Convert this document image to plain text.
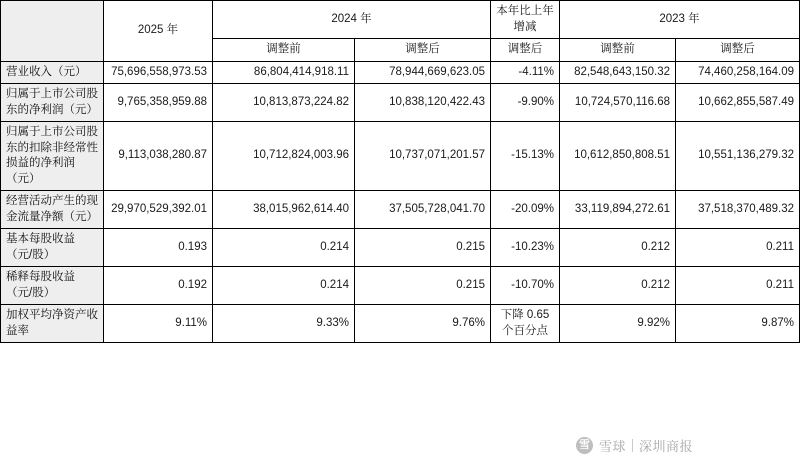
	2025 年	2024 年		本年比上年增减	2023 年	
		调整前	调整后	调整后	调整前	调整后
营业收入（元）	75,696,558,973.53	86,804,414,918.11	78,944,669,623.05	-4.11%	82,548,643,150.32	74,460,258,164.09
归属于上市公司股东的净利润（元）	9,765,358,959.88	10,813,873,224.82	10,838,120,422.43	-9.90%	10,724,570,116.68	10,662,855,587.49
归属于上市公司股东的扣除非经常性损益的净利润（元）	9,113,038,280.87	10,712,824,003.96	10,737,071,201.57	-15.13%	10,612,850,808.51	10,551,136,279.32
经营活动产生的现金流量净额（元）	29,970,529,392.01	38,015,962,614.40	37,505,728,041.70	-20.09%	33,119,894,272.61	37,518,370,489.32
基本每股收益（元/股）	0.193	0.214	0.215	-10.23%	0.212	0.211
稀释每股收益（元/股）	0.192	0.214	0.215	-10.70%	0.212	0.211
加权平均净资产收益率	9.11%	9.33%	9.76%	下降 0.65 个百分点	9.92%	9.87%
雪 雪球 深圳商报
